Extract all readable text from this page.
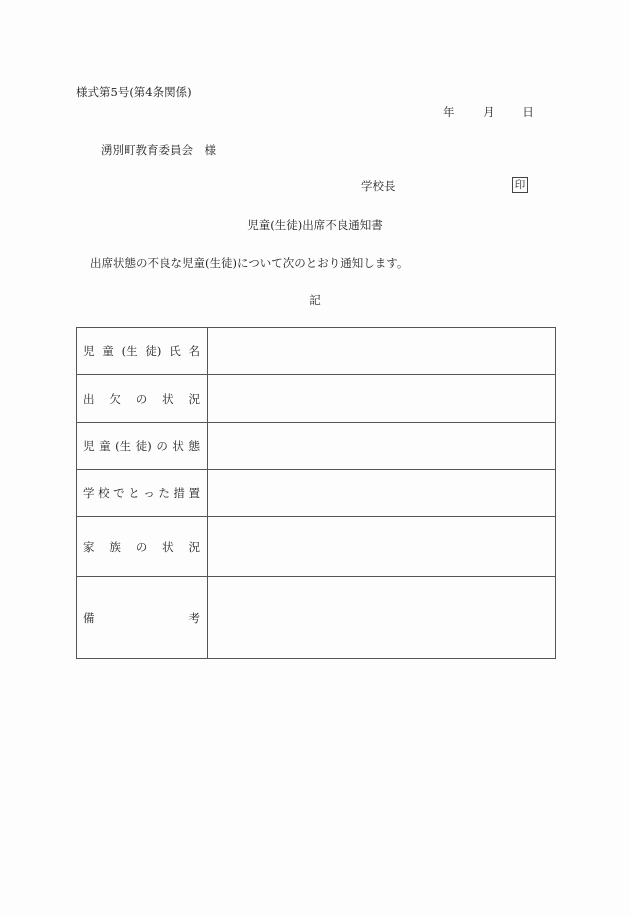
様式第5号(第4条関係)
年 月 日
湧別町教育委員会　様
学校長	印
児童(生徒)出席不良通知書
出席状態の不良な児童(生徒)について次のとおり通知します。
記
児 童 (生 徒) 氏 名

出 欠 の 状 況	

児 童 (生 徒) の 状 態

学 校 で と っ た 措 置

家 族 の 状 況	

備 考	
